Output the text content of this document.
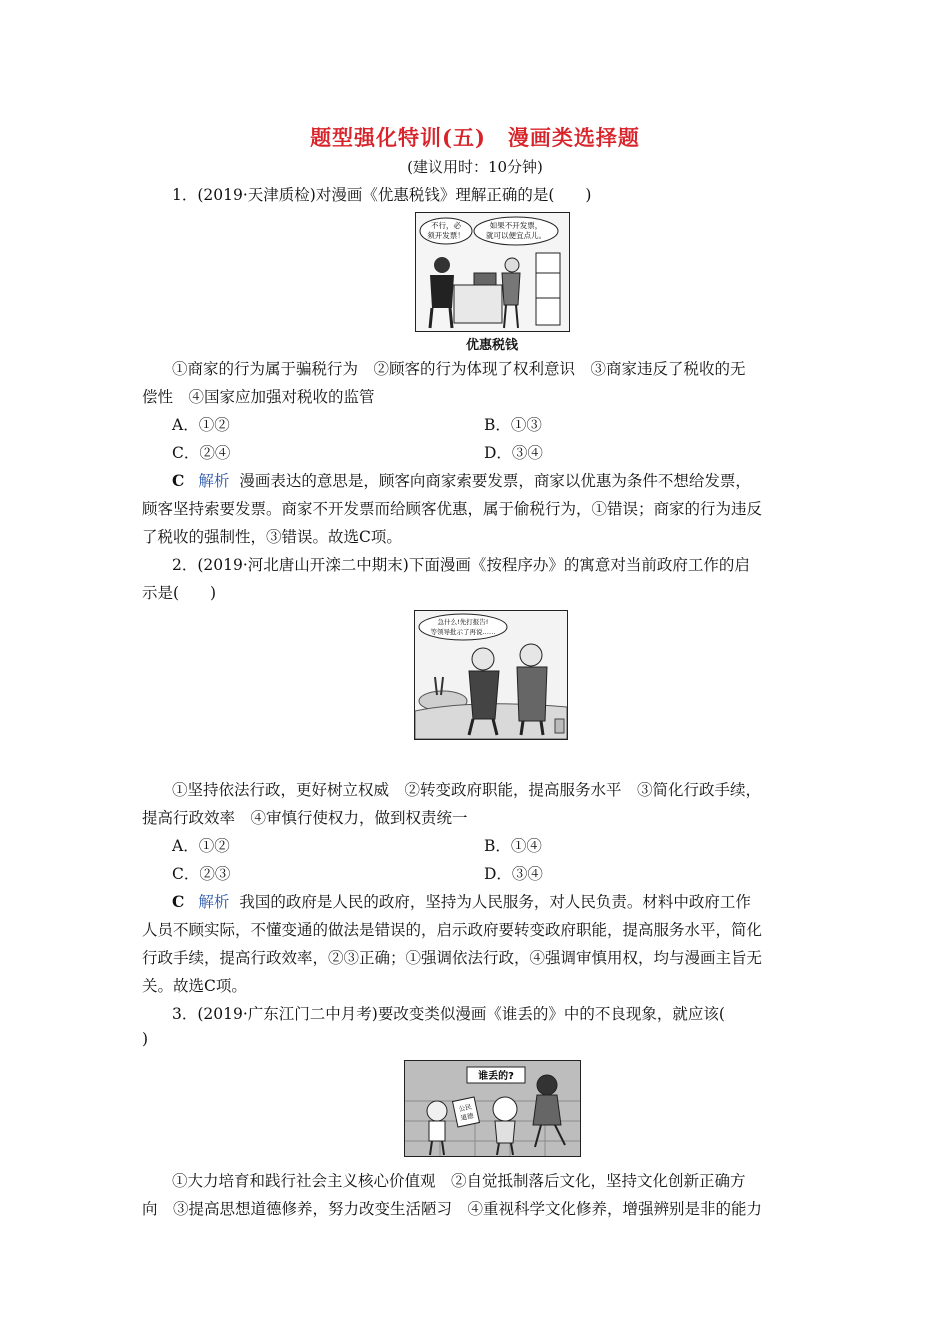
题型强化特训(五)　漫画类选择题
(建议用时：10分钟)
1．(2019·天津质检)对漫画《优惠税钱》理解正确的是(　　)
不行，必
须开发票！
如果不开发票，
就可以便宜点儿。
优惠税钱
①商家的行为属于骗税行为　②顾客的行为体现了权利意识　③商家违反了税收的无
偿性　④国家应加强对税收的监管
A．①②	B．①③
C．②④	D．③④
C 解析 漫画表达的意思是，顾客向商家索要发票，商家以优惠为条件不想给发票，
顾客坚持索要发票。商家不开发票而给顾客优惠，属于偷税行为，①错误；商家的行为违反
了税收的强制性，③错误。故选C项。
2．(2019·河北唐山开滦二中期末)下面漫画《按程序办》的寓意对当前政府工作的启
示是(　　)
急什么!先打报告!
等领导批示了再说……
①坚持依法行政，更好树立权威　②转变政府职能，提高服务水平　③简化行政手续，
提高行政效率　④审慎行使权力，做到权责统一
A．①②	B．①④
C．②③	D．③④
C 解析 我国的政府是人民的政府，坚持为人民服务，对人民负责。材料中政府工作
人员不顾实际，不懂变通的做法是错误的，启示政府要转变政府职能，提高服务水平，简化
行政手续，提高行政效率，②③正确；①强调依法行政，④强调审慎用权，均与漫画主旨无
关。故选C项。
3．(2019·广东江门二中月考)要改变类似漫画《谁丢的》中的不良现象，就应该(
)
谁丢的?
公民
道德
①大力培育和践行社会主义核心价值观　②自觉抵制落后文化，坚持文化创新正确方
向　③提高思想道德修养，努力改变生活陋习　④重视科学文化修养，增强辨别是非的能力
